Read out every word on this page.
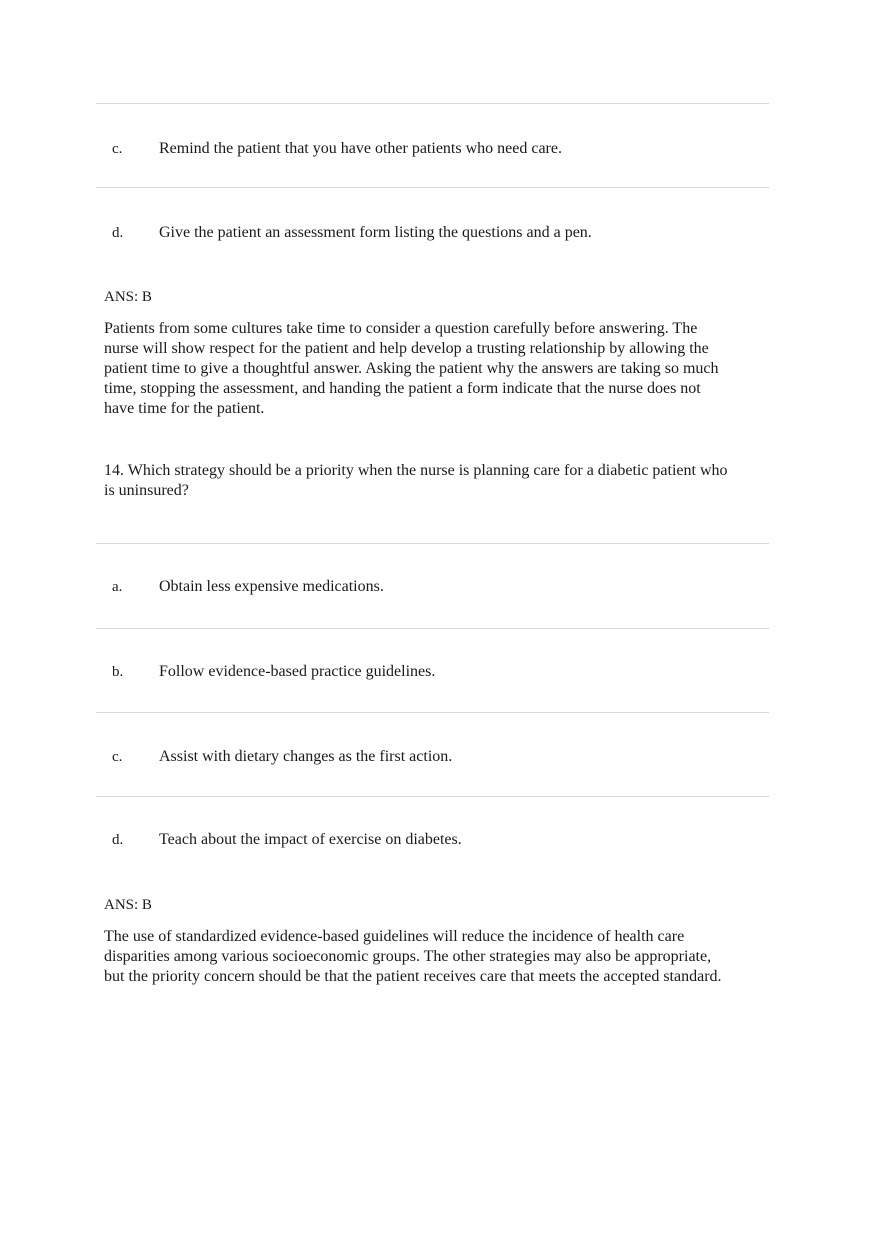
c. Remind the patient that you have other patients who need care.
d. Give the patient an assessment form listing the questions and a pen.
ANS: B
Patients from some cultures take time to consider a question carefully before answering. The
nurse will show respect for the patient and help develop a trusting relationship by allowing the
patient time to give a thoughtful answer. Asking the patient why the answers are taking so much
time, stopping the assessment, and handing the patient a form indicate that the nurse does not
have time for the patient.
14. Which strategy should be a priority when the nurse is planning care for a diabetic patient who
is uninsured?
a. Obtain less expensive medications.
b. Follow evidence-based practice guidelines.
c. Assist with dietary changes as the first action.
d. Teach about the impact of exercise on diabetes.
ANS: B
The use of standardized evidence-based guidelines will reduce the incidence of health care
disparities among various socioeconomic groups. The other strategies may also be appropriate,
but the priority concern should be that the patient receives care that meets the accepted standard.
